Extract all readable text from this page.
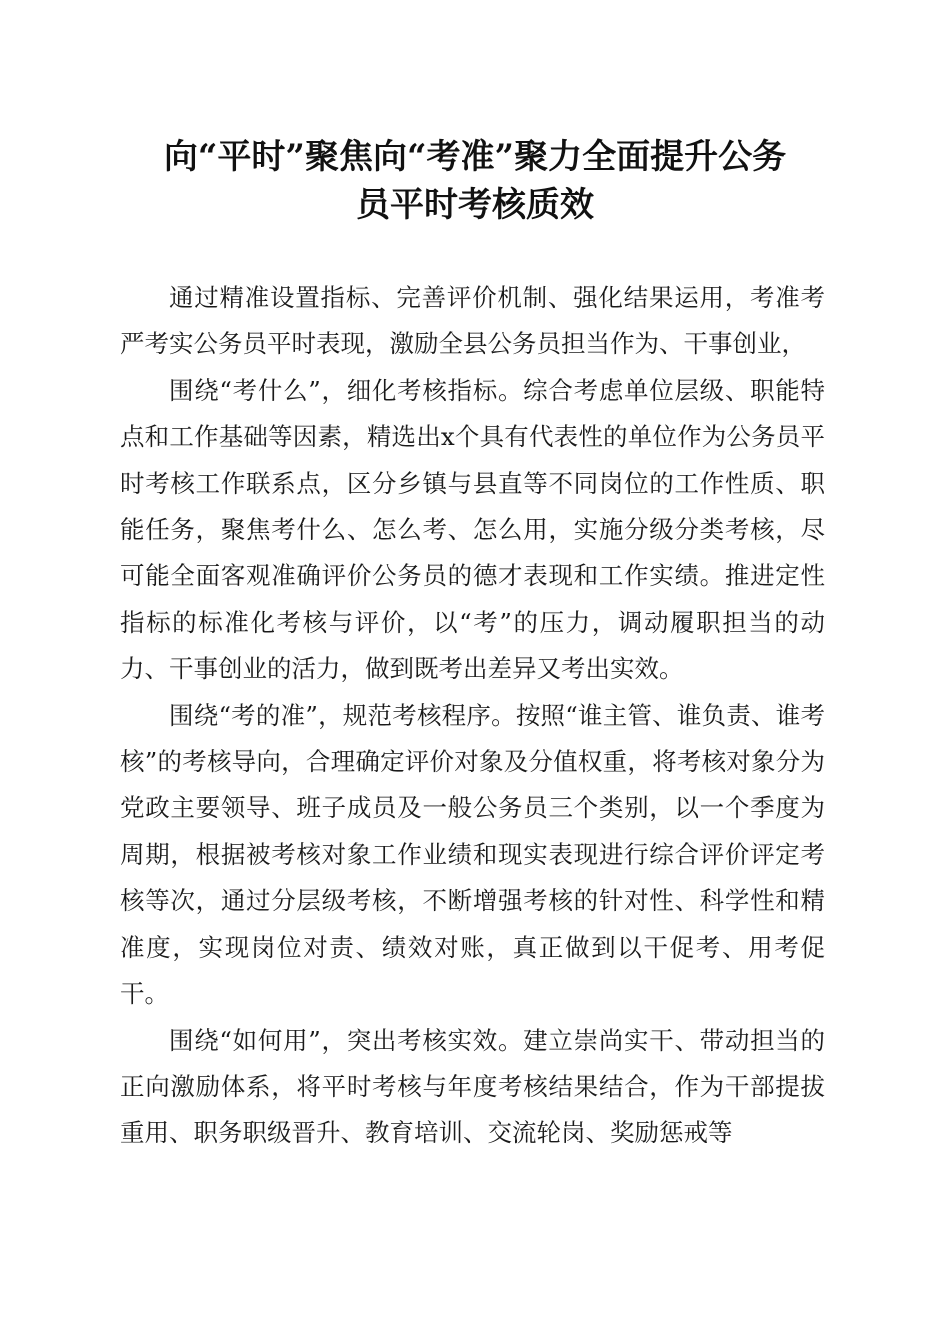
向“平时”聚焦向“考准”聚力全面提升公务
员平时考核质效

通过精准设置指标、完善评价机制、强化结果运用，考准考严考实公务员平时表现，激励全县公务员担当作为、干事创业，

围绕“考什么”，细化考核指标。综合考虑单位层级、职能特点和工作基础等因素，精选出x个具有代表性的单位作为公务员平时考核工作联系点，区分乡镇与县直等不同岗位的工作性质、职能任务，聚焦考什么、怎么考、怎么用，实施分级分类考核，尽可能全面客观准确评价公务员的德才表现和工作实绩。推进定性指标的标准化考核与评价，以“考”的压力，调动履职担当的动力、干事创业的活力，做到既考出差异又考出实效。

围绕“考的准”，规范考核程序。按照“谁主管、谁负责、谁考核”的考核导向，合理确定评价对象及分值权重，将考核对象分为党政主要领导、班子成员及一般公务员三个类别，以一个季度为周期，根据被考核对象工作业绩和现实表现进行综合评价评定考核等次，通过分层级考核，不断增强考核的针对性、科学性和精准度，实现岗位对责、绩效对账，真正做到以干促考、用考促干。

围绕“如何用”，突出考核实效。建立崇尚实干、带动担当的正向激励体系，将平时考核与年度考核结果结合，作为干部提拔重用、职务职级晋升、教育培训、交流轮岗、奖励惩戒等
